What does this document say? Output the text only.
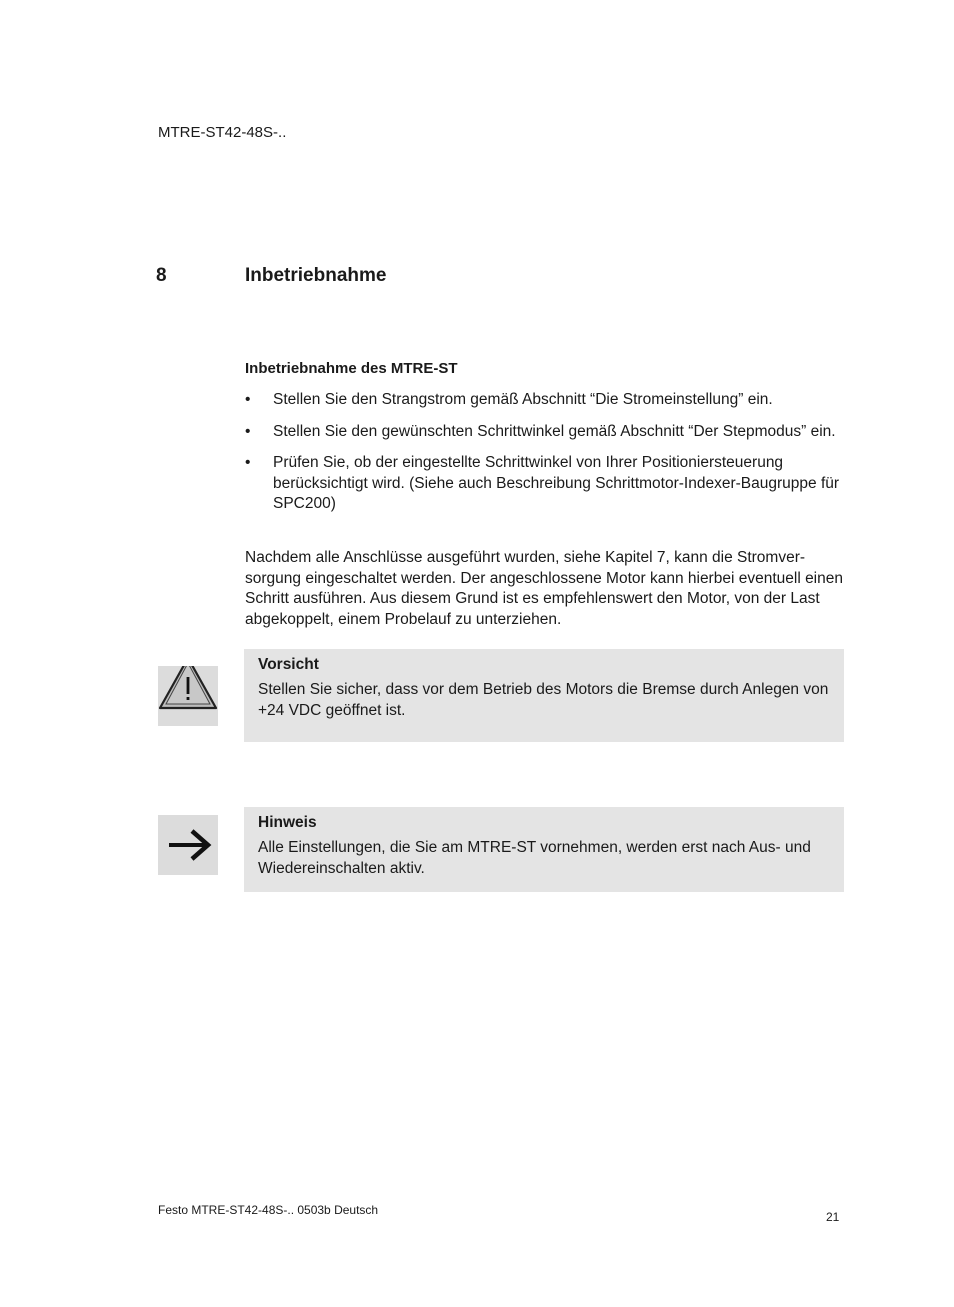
MTRE-ST42-48S-..
8	Inbetriebnahme
Inbetriebnahme des MTRE-ST
• Stellen Sie den Strangstrom gemäß Abschnitt “Die Stromeinstellung” ein.
• Stellen Sie den gewünschten Schrittwinkel gemäß Abschnitt “Der Stepmodus” ein.
• Prüfen Sie, ob der eingestellte Schrittwinkel von Ihrer Positioniersteuerung berücksichtigt wird. (Siehe auch Beschreibung Schrittmotor-Indexer-Baugruppe für SPC200)
Nachdem alle Anschlüsse ausgeführt wurden, siehe Kapitel 7, kann die Stromver- sorgung eingeschaltet werden. Der angeschlossene Motor kann hierbei eventuell einen Schritt ausführen. Aus diesem Grund ist es empfehlenswert den Motor, von der Last abgekoppelt, einem Probelauf zu unterziehen.
Vorsicht
Stellen Sie sicher, dass vor dem Betrieb des Motors die Bremse durch Anlegen von +24 VDC geöffnet ist.
Hinweis
Alle Einstellungen, die Sie am MTRE-ST vornehmen, werden erst nach Aus- und Wiedereinschalten aktiv.
Festo MTRE-ST42-48S-.. 0503b Deutsch	21
